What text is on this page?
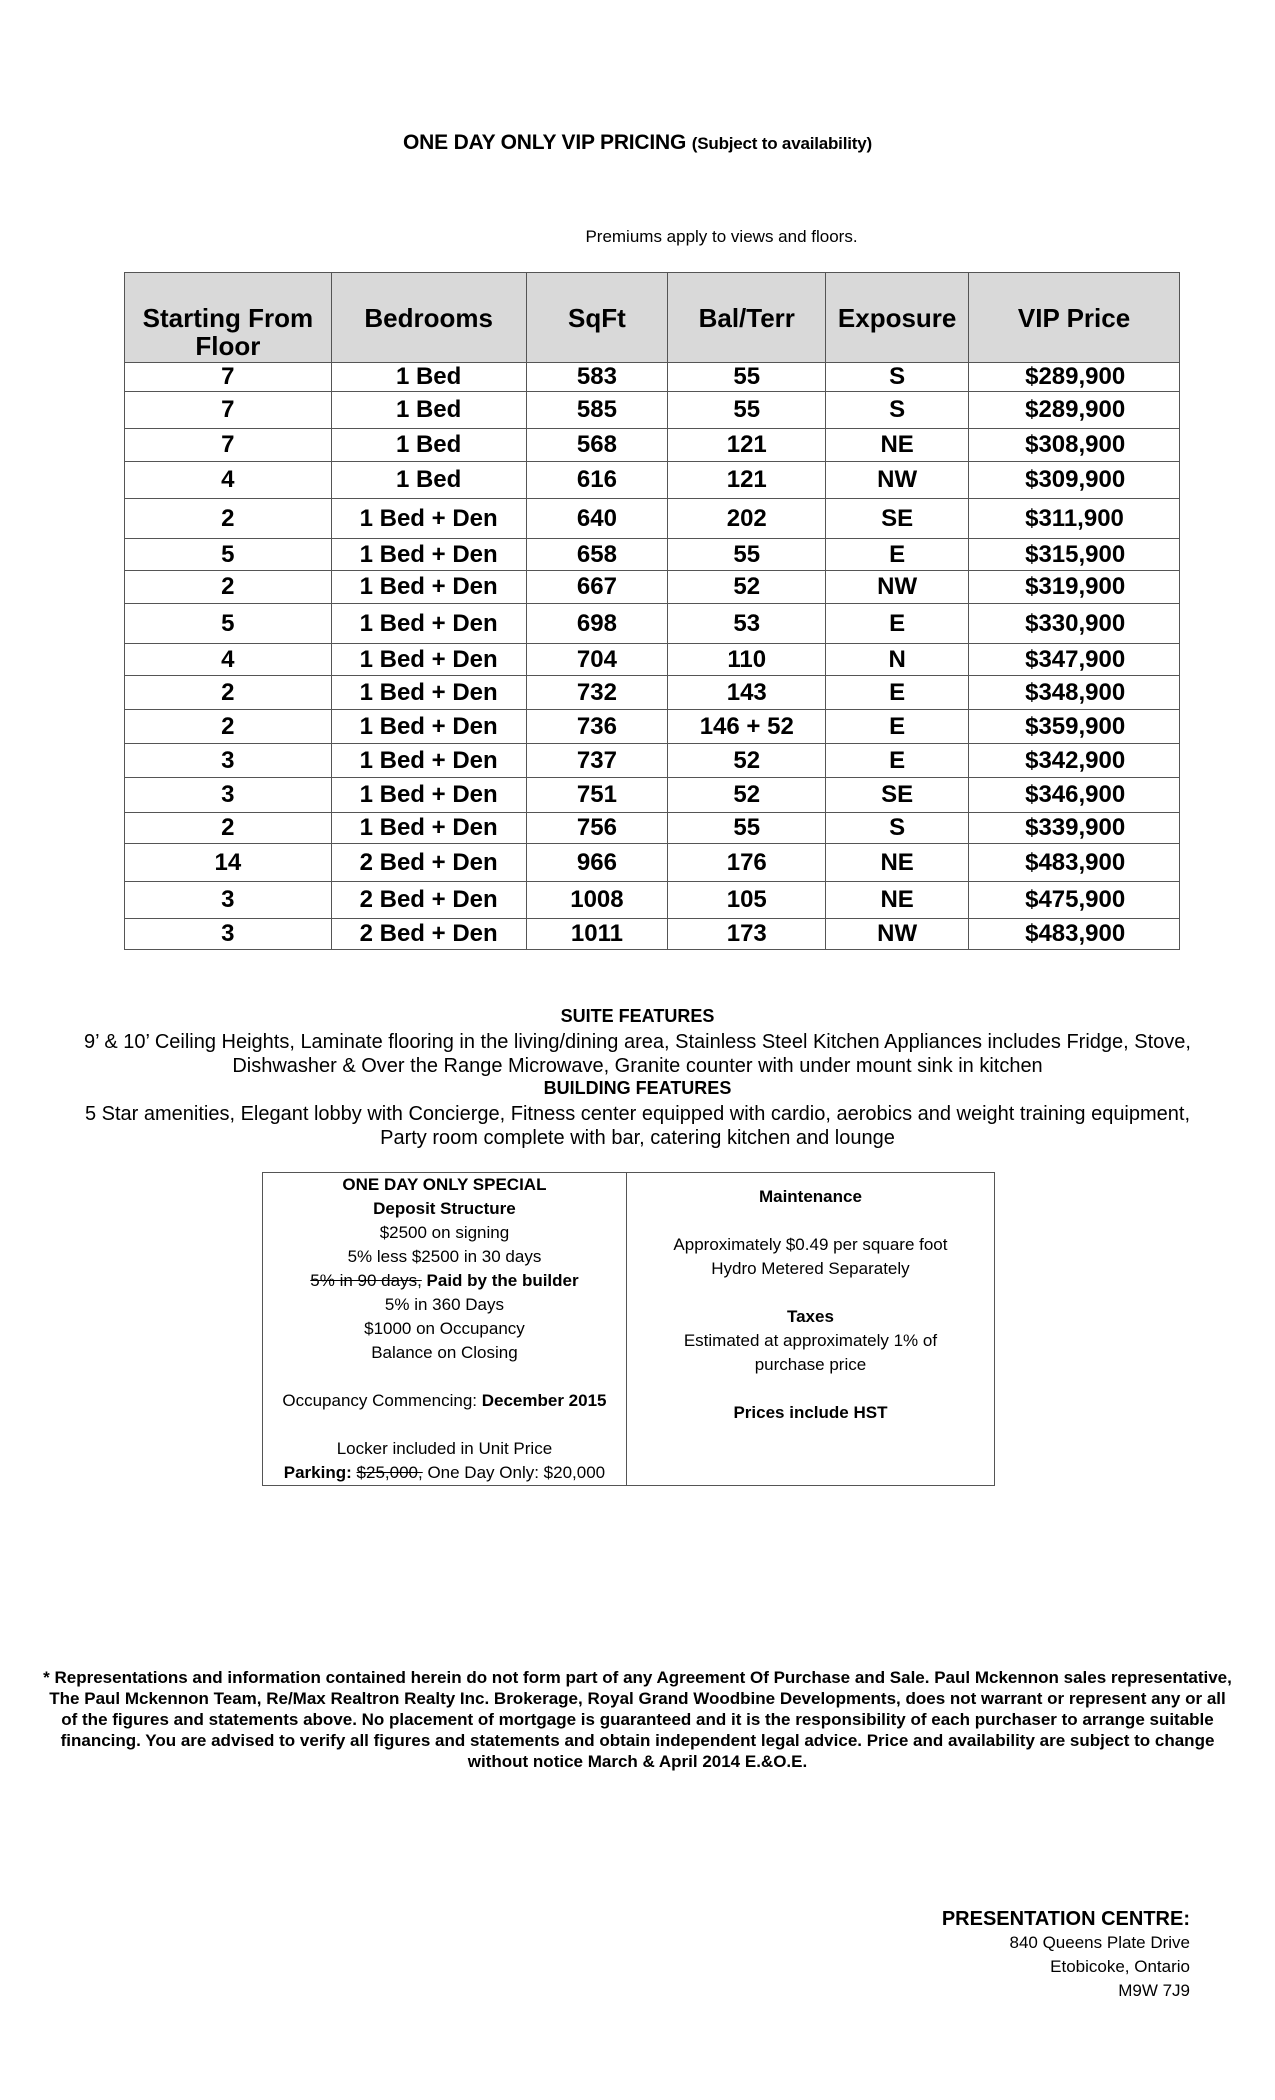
ONE DAY ONLY VIP PRICING (Subject to availability)
Premiums apply to views and floors.
Starting From Floor	Bedrooms	SqFt	Bal/Terr	Exposure	VIP Price
7	1 Bed	583	55	S	$289,900
7	1 Bed	585	55	S	$289,900
7	1 Bed	568	121	NE	$308,900
4	1 Bed	616	121	NW	$309,900
2	1 Bed + Den	640	202	SE	$311,900
5	1 Bed + Den	658	55	E	$315,900
2	1 Bed + Den	667	52	NW	$319,900
5	1 Bed + Den	698	53	E	$330,900
4	1 Bed + Den	704	110	N	$347,900
2	1 Bed + Den	732	143	E	$348,900
2	1 Bed + Den	736	146 + 52	E	$359,900
3	1 Bed + Den	737	52	E	$342,900
3	1 Bed + Den	751	52	SE	$346,900
2	1 Bed + Den	756	55	S	$339,900
14	2 Bed + Den	966	176	NE	$483,900
3	2 Bed + Den	1008	105	NE	$475,900
3	2 Bed + Den	1011	173	NW	$483,900
SUITE FEATURES
9’ & 10’ Ceiling Heights, Laminate flooring in the living/dining area, Stainless Steel Kitchen Appliances includes Fridge, Stove, Dishwasher & Over the Range Microwave, Granite counter with under mount sink in kitchen
BUILDING FEATURES
5 Star amenities, Elegant lobby with Concierge, Fitness center equipped with cardio, aerobics and weight training equipment, Party room complete with bar, catering kitchen and lounge
ONE DAY ONLY SPECIAL
Deposit Structure
$2500 on signing
5% less $2500 in 30 days
5% in 90 days, Paid by the builder
5% in 360 Days
$1000 on Occupancy
Balance on Closing
Occupancy Commencing: December 2015
Locker included in Unit Price
Parking: $25,000, One Day Only: $20,000

Maintenance
Approximately $0.49 per square foot
Hydro Metered Separately
Taxes
Estimated at approximately 1% of purchase price
Prices include HST
* Representations and information contained herein do not form part of any Agreement Of Purchase and Sale. Paul Mckennon sales representative, The Paul Mckennon Team, Re/Max Realtron Realty Inc. Brokerage, Royal Grand Woodbine Developments, does not warrant or represent any or all of the figures and statements above. No placement of mortgage is guaranteed and it is the responsibility of each purchaser to arrange suitable financing. You are advised to verify all figures and statements and obtain independent legal advice. Price and availability are subject to change without notice March & April 2014 E.&O.E.
PRESENTATION CENTRE:
840 Queens Plate Drive
Etobicoke, Ontario
M9W 7J9
